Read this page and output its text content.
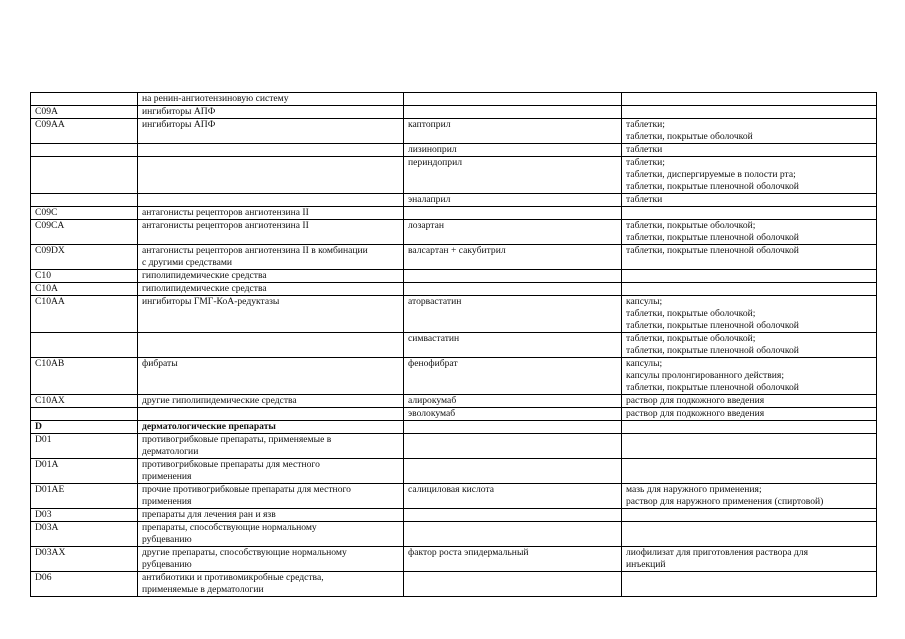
	на ренин-ангиотензиновую систему		

C09A	ингибиторы АПФ		

C09AA	ингибиторы АПФ	каптоприл	таблетки;
таблетки, покрытые оболочкой

		лизиноприл	таблетки

		периндоприл	таблетки;
таблетки, диспергируемые в полости рта;
таблетки, покрытые пленочной оболочкой

		эналаприл	таблетки

C09C	антагонисты рецепторов ангиотензина II		

C09CA	антагонисты рецепторов ангиотензина II	лозартан	таблетки, покрытые оболочкой;
таблетки, покрытые пленочной оболочкой

C09DX	антагонисты рецепторов ангиотензина II в комбинации
с другими средствами	валсартан + сакубитрил	таблетки, покрытые пленочной оболочкой

C10	гиполипидемические средства		

C10A	гиполипидемические средства		

C10AA	ингибиторы ГМГ-КоА-редуктазы	аторвастатин	капсулы;
таблетки, покрытые оболочкой;
таблетки, покрытые пленочной оболочкой

		симвастатин	таблетки, покрытые оболочкой;
таблетки, покрытые пленочной оболочкой

C10AB	фибраты	фенофибрат	капсулы;
капсулы пролонгированного действия;
таблетки, покрытые пленочной оболочкой

C10AX	другие гиполипидемические средства	алирокумаб	раствор для подкожного введения

		эволокумаб	раствор для подкожного введения

D	дерматологические препараты		

D01	противогрибковые препараты, применяемые в
дерматологии		

D01A	противогрибковые препараты для местного
применения		

D01AE	прочие противогрибковые препараты для местного
применения	салициловая кислота	мазь для наружного применения;
раствор для наружного применения (спиртовой)

D03	препараты для лечения ран и язв		

D03A	препараты, способствующие нормальному
рубцеванию		

D03AX	другие препараты, способствующие нормальному
рубцеванию	фактор роста эпидермальный	лиофилизат для приготовления раствора для
инъекций

D06	антибиотики и противомикробные средства,
применяемые в дерматологии		
